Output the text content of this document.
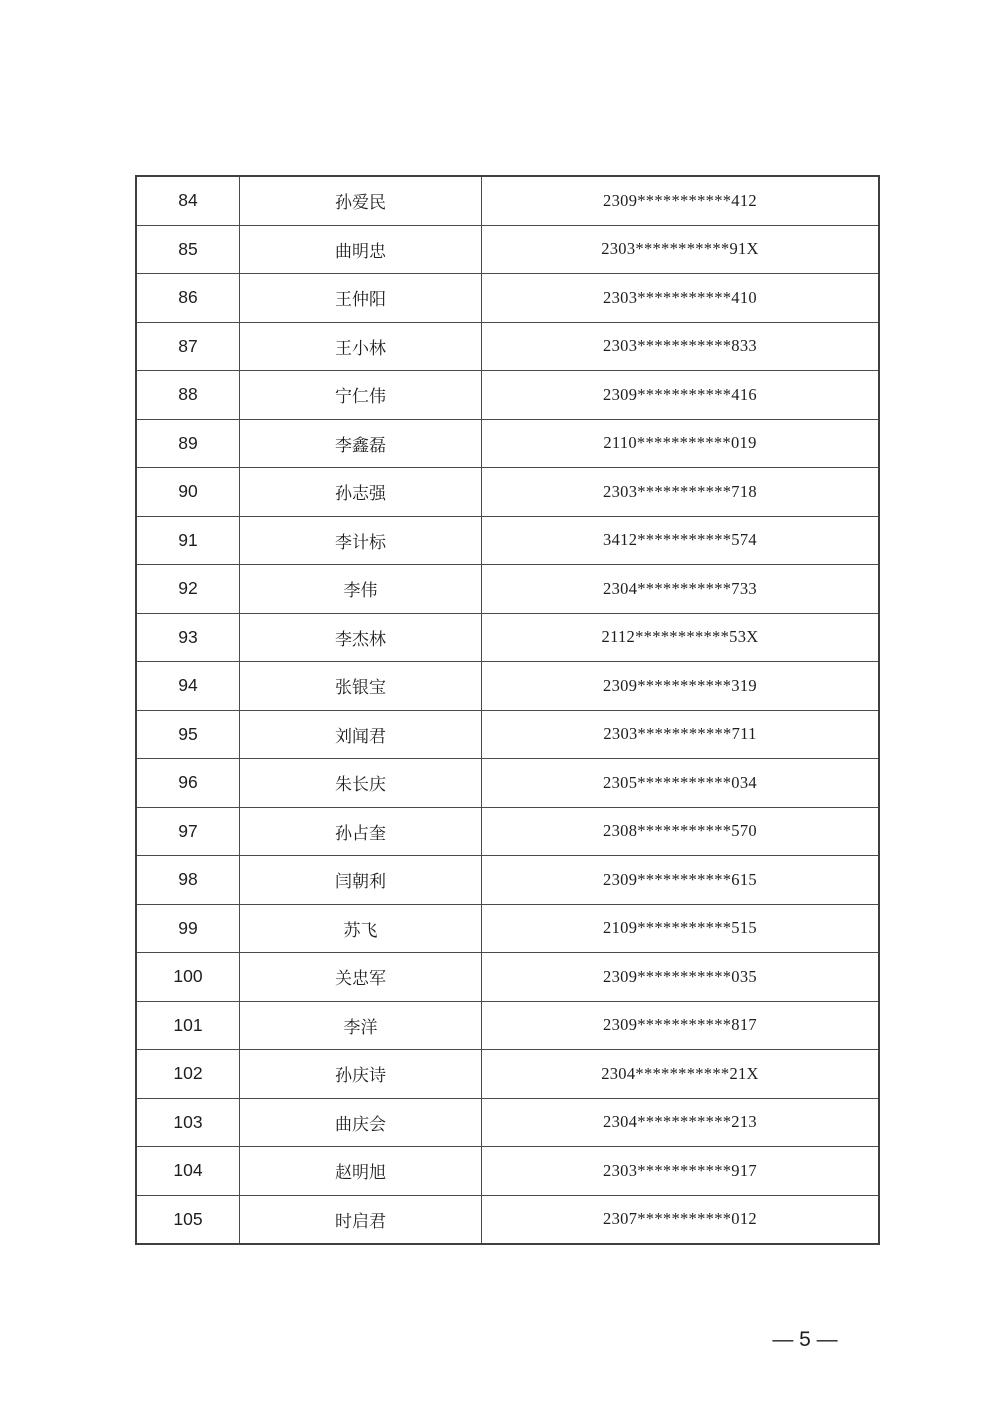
84	孙爱民	2309***********412
85	曲明忠	2303***********91X
86	王仲阳	2303***********410
87	王小林	2303***********833
88	宁仁伟	2309***********416
89	李鑫磊	2110***********019
90	孙志强	2303***********718
91	李计标	3412***********574
92	李伟	2304***********733
93	李杰林	2112***********53X
94	张银宝	2309***********319
95	刘闻君	2303***********711
96	朱长庆	2305***********034
97	孙占奎	2308***********570
98	闫朝利	2309***********615
99	苏飞	2109***********515
100	关忠军	2309***********035
101	李洋	2309***********817
102	孙庆诗	2304***********21X
103	曲庆会	2304***********213
104	赵明旭	2303***********917
105	时启君	2307***********012
— 5 —
